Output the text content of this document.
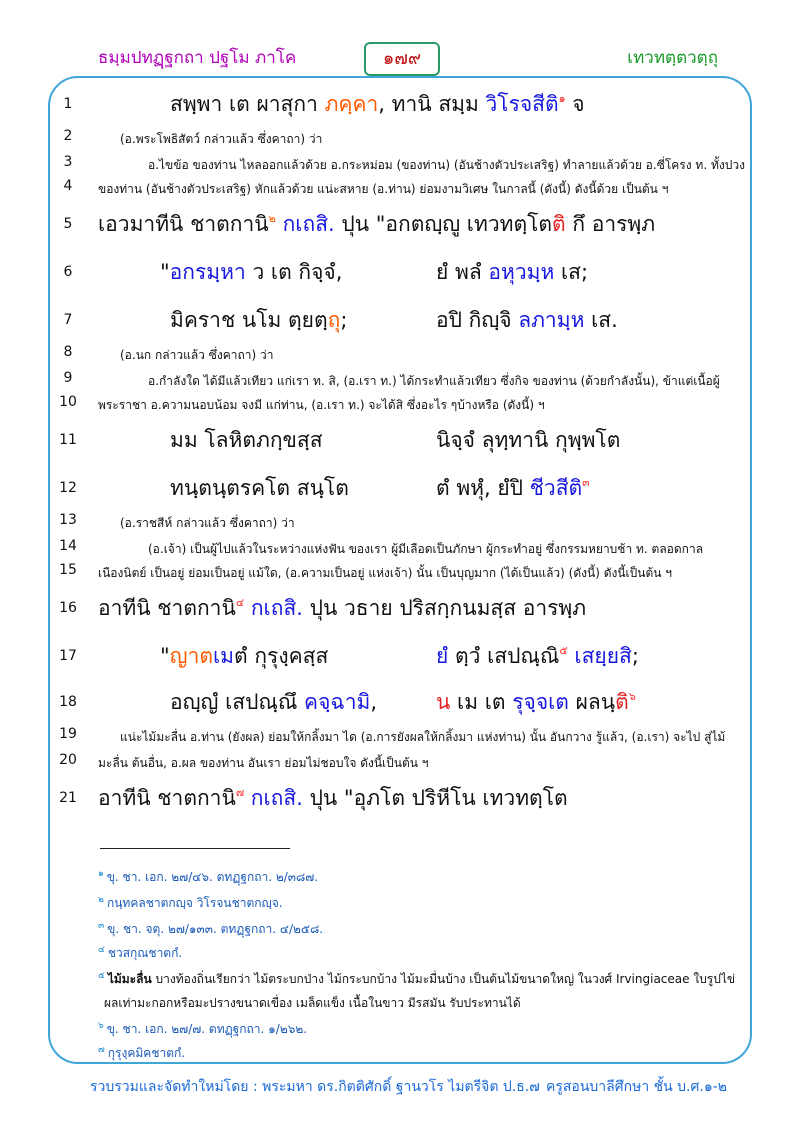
ธมฺมปทฏฺฐกถา ปฐโม ภาโค	๑๗๙	เทวทตฺตวตฺถุ
1
2
3
4
5
6
7
8
9
10
11
12
13
14
15
16
17
18
19
20
21
สพฺพา เต ผาสุกา ภคฺคา, ทานิ สมฺม วิโรจสีติ$^๑$ จ
(อ.พระโพธิสัตว์ กล่าวแล้ว ซึ่งคาถา) ว่า
อ.ไขข้อ ของท่าน ไหลออกแล้วด้วย อ.กระหม่อม (ของท่าน) (อันช้างตัวประเสริฐ) ทำลายแล้วด้วย อ.ซี่โครง ท. ทั้งปวง
ของท่าน (อันช้างตัวประเสริฐ) หักแล้วด้วย แน่ะสหาย (อ.ท่าน) ย่อมงามวิเศษ ในกาลนี้ (ดังนี้) ดังนี้ด้วย เป็นต้น ฯ
เอวมาทีนิ ชาตกานิ$^๒$ กเถสิ. ปุน "อกตญฺญู เทวทตฺโตติ กึ อารพฺภ
"อกรมฺหา ว เต กิจฺจํ,	ยํ พลํ อหุวมฺห เส;
มิคราช นโม ตฺยตฺถุ;	อปิ กิญฺจิ ลภามฺห เส.
(อ.นก กล่าวแล้ว ซึ่งคาถา) ว่า
อ.กำลังใด ได้มีแล้วเทียว แก่เรา ท. สิ, (อ.เรา ท.) ได้กระทำแล้วเทียว ซึ่งกิจ ของท่าน (ด้วยกำลังนั้น), ข้าแต่เนื้อผู้
พระราชา อ.ความนอบน้อม จงมี แก่ท่าน, (อ.เรา ท.) จะได้สิ ซึ่งอะไร ๆบ้างหรือ (ดังนี้) ฯ
มม โลหิตภกฺขสฺส	นิจฺจํ ลุทฺทานิ กุพฺพโต
ทนฺตนฺตรคโต สนฺโต	ตํ พหุํ, ยํปิ ชีวสีติ$^๓$
(อ.ราชสีห์ กล่าวแล้ว ซึ่งคาถา) ว่า
(อ.เจ้า) เป็นผู้ไปแล้วในระหว่างแห่งฟัน ของเรา ผู้มีเลือดเป็นภักษา ผู้กระทำอยู่ ซึ่งกรรมหยาบช้า ท. ตลอดกาล
เนืองนิตย์ เป็นอยู่ ย่อมเป็นอยู่ แม้ใด, (อ.ความเป็นอยู่ แห่งเจ้า) นั้น เป็นบุญมาก (ได้เป็นแล้ว) (ดังนี้) ดังนี้เป็นต้น ฯ
อาทีนิ ชาตกานิ$^๔$ กเถสิ. ปุน วธาย ปริสกฺกนมสฺส อารพฺภ
"ญาตเมตํ กุรุงฺคสฺส	ยํ ตฺวํ เสปณฺณิ$^๕$ เสยฺยสิ;
อญฺญํ เสปณฺณึ คจฺฉามิ,	น เม เต รุจฺจเต ผลนฺติ$^๖$
แน่ะไม้มะลื่น อ.ท่าน (ยังผล) ย่อมให้กลิ้งมา ได (อ.การยังผลให้กลิ้งมา แห่งท่าน) นั้น อันกวาง รู้แล้ว, (อ.เรา) จะไป สู่ไม้
มะลื่น ต้นอื่น, อ.ผล ของท่าน อันเรา ย่อมไม่ชอบใจ ดังนี้เป็นต้น ฯ
อาทีนิ ชาตกานิ$^๗$ กเถสิ. ปุน "อุภโต ปริหีโน เทวทตฺโต
$^๑$ ขุ. ชา. เอก. ๒๗/๔๖. ตทฏฺฐกถา. ๒/๓๘๗.
$^๒$ กนฺทคลชาตกญฺจ วิโรจนชาตกญฺจ.
$^๓$ ขุ. ชา. จตุ. ๒๗/๑๓๓. ตทฏฺฐกถา. ๔/๒๕๘.
$^๔$ ชวสกุณชาตกํ.
$^๕$ ไม้มะลื่น บางท้องถิ่นเรียกว่า ไม้ตระบกป่าง ไม้กระบกบ้าง ไม้มะมื่นบ้าง เป็นต้นไม้ขนาดใหญ่ ในวงศ์ Irvingiaceae ใบรูปไข่
ผลเท่ามะกอกหรือมะปรางขนาดเขื่อง เมล็ดแข็ง เนื้อในขาว มีรสมัน รับประทานได้
$^๖$ ขุ. ชา. เอก. ๒๗/๗. ตทฏฺฐกถา. ๑/๒๖๒.
$^๗$ กุรุงฺคมิคชาตกํ.
รวบรวมและจัดทำใหม่โดย : พระมหา ดร.กิตติศักดิ์ ฐานวโร ไมตรีจิต ป.ธ.๗ ครูสอนบาลีศึกษา ชั้น บ.ศ.๑-๒
